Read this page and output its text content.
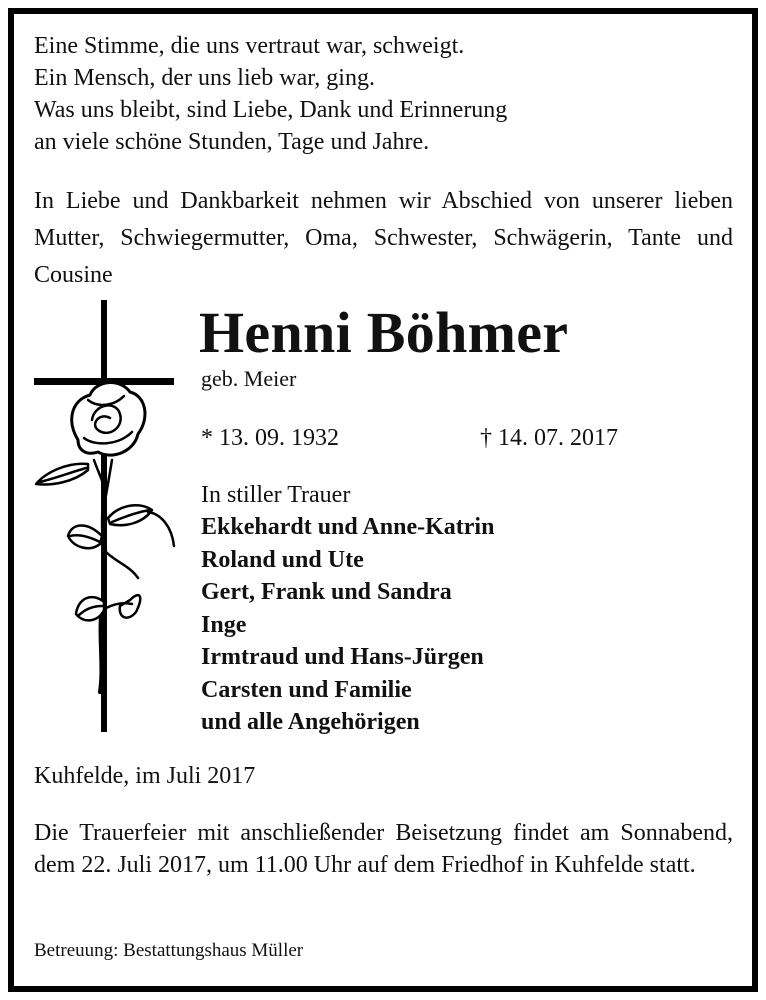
Eine Stimme, die uns vertraut war, schweigt.
Ein Mensch, der uns lieb war, ging.
Was uns bleibt, sind Liebe, Dank und Erinnerung
an viele schöne Stunden, Tage und Jahre.

In Liebe und Dankbarkeit nehmen wir Abschied von unserer lieben Mutter, Schwiegermutter, Oma, Schwester, Schwägerin, Tante und Cousine

Henni Böhmer
geb. Meier
* 13. 09. 1932	† 14. 07. 2017
In stiller Trauer
Ekkehardt und Anne-Katrin
Roland und Ute
Gert, Frank und Sandra
Inge
Irmtraud und Hans-Jürgen
Carsten und Familie
und alle Angehörigen
Kuhfelde, im Juli 2017

Die Trauerfeier mit anschließender Beisetzung findet am Sonnabend, dem 22. Juli 2017, um 11.00 Uhr auf dem Friedhof in Kuhfelde statt.

Betreuung: Bestattungshaus Müller
